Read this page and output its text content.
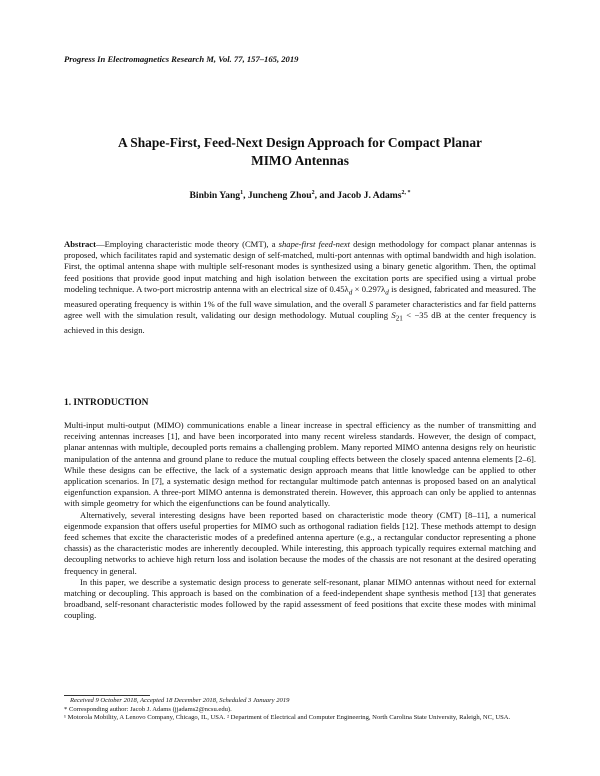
Progress In Electromagnetics Research M, Vol. 77, 157–165, 2019
A Shape-First, Feed-Next Design Approach for Compact Planar
MIMO Antennas
Binbin Yang$^1$, Juncheng Zhou$^2$, and Jacob J. Adams$^{2, *}$
Abstract—Employing characteristic mode theory (CMT), a shape-first feed-next design methodology for compact planar antennas is proposed, which facilitates rapid and systematic design of self-matched, multi-port antennas with optimal bandwidth and high isolation. First, the optimal antenna shape with multiple self-resonant modes is synthesized using a binary genetic algorithm. Then, the optimal feed positions that provide good input matching and high isolation between the excitation ports are specified using a virtual probe modeling technique. A two-port microstrip antenna with an electrical size of $0.45\lambda_d \times 0.297\lambda_d$ is designed, fabricated and measured. The measured operating frequency is within 1% of the full wave simulation, and the overall S parameter characteristics and far field patterns agree well with the simulation result, validating our design methodology. Mutual coupling $S_{21} < -35$ dB at the center frequency is achieved in this design.
1. INTRODUCTION

Multi-input multi-output (MIMO) communications enable a linear increase in spectral efficiency as the number of transmitting and receiving antennas increases [1], and have been incorporated into many recent wireless standards. However, the design of compact, planar antennas with multiple, decoupled ports remains a challenging problem. Many reported MIMO antenna designs rely on heuristic manipulation of the antenna and ground plane to reduce the mutual coupling effects between the closely spaced antenna elements [2–6]. While these designs can be effective, the lack of a systematic design approach means that little knowledge can be applied to other application scenarios. In [7], a systematic design method for rectangular multimode patch antennas is proposed based on an analytical eigenfunction expansion. A three-port MIMO antenna is demonstrated therein. However, this approach can only be applied to antennas with simple geometry for which the eigenfunctions can be found analytically.

Alternatively, several interesting designs have been reported based on characteristic mode theory (CMT) [8–11], a numerical eigenmode expansion that offers useful properties for MIMO such as orthogonal radiation fields [12]. These methods attempt to design feed schemes that excite the characteristic modes of a predefined antenna aperture (e.g., a rectangular conductor representing a phone chassis) as the characteristic modes are inherently decoupled. While interesting, this approach typically requires external matching and decoupling networks to achieve high return loss and isolation because the modes of the chassis are not resonant at the desired operating frequency in general.

In this paper, we describe a systematic design process to generate self-resonant, planar MIMO antennas without need for external matching or decoupling. This approach is based on the combination of a feed-independent shape synthesis method [13] that generates broadband, self-resonant characteristic modes followed by the rapid assessment of feed positions that excite these modes with minimal coupling.

Received 9 October 2018, Accepted 18 December 2018, Scheduled 3 January 2019
* Corresponding author: Jacob J. Adams (jjadams2@ncsu.edu).
¹ Motorola Mobility, A Lenovo Company, Chicago, IL, USA. ² Department of Electrical and Computer Engineering, North Carolina State University, Raleigh, NC, USA.
